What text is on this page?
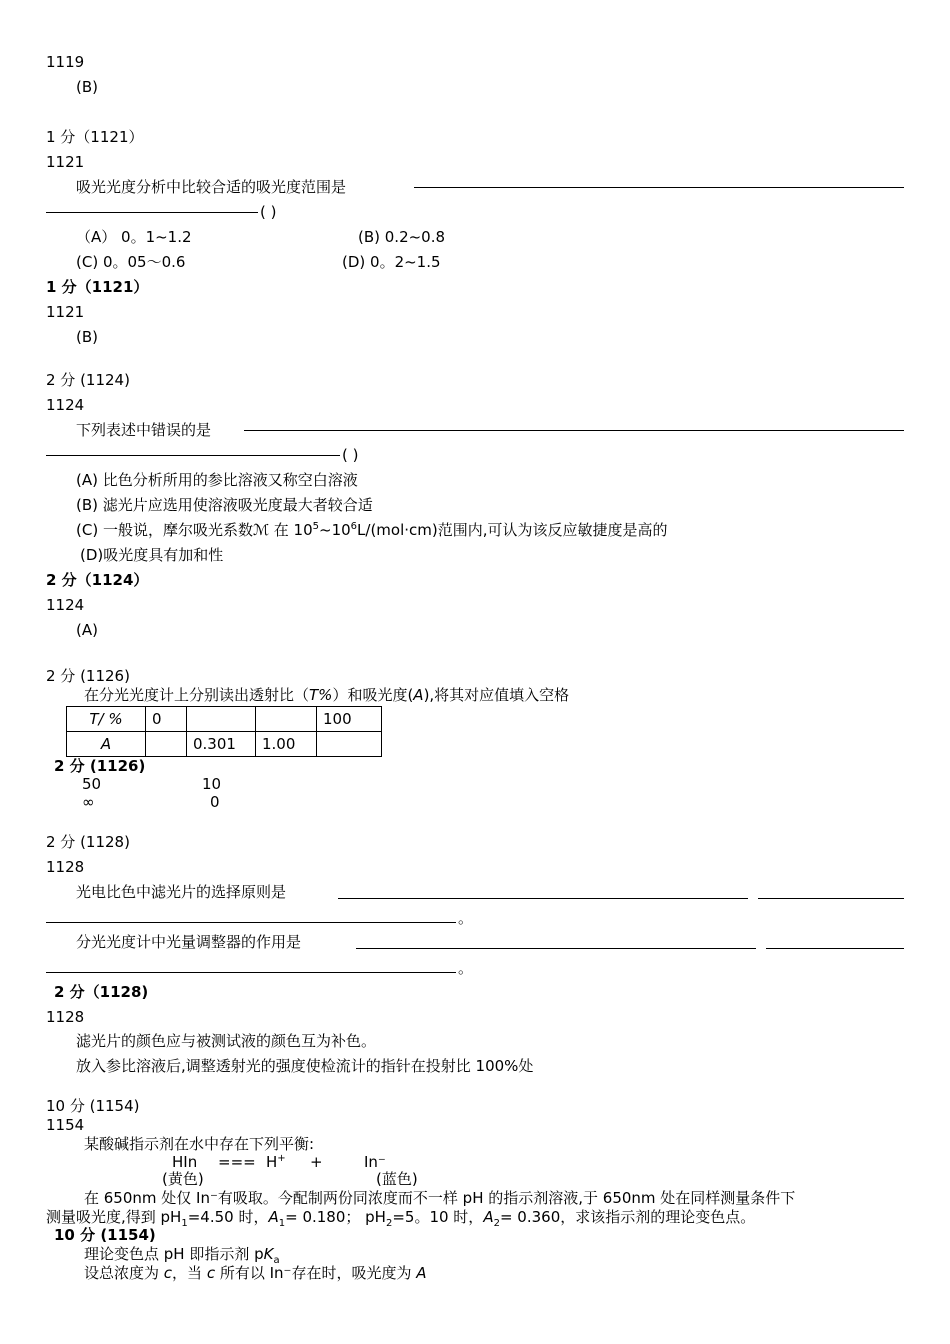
1119
(B)
1 分（1121）
1121
吸光光度分析中比较合适的吸光度范围是
( )
（A） 0。1~1.2	(B) 0.2~0.8
(C) 0。05～0.6	(D) 0。2~1.5
1 分（1121）
1121
(B)
2 分 (1124)
1124
下列表述中错误的是
( )
(A) 比色分析所用的参比溶液又称空白溶液
(B) 滤光片应选用使溶液吸光度最大者较合适
(C) 一般说，摩尔吸光系数ℳ 在 $10^5\sim 10^6L/(mol\cdot cm)$范围内,可认为该反应敏捷度是高的
(D)吸光度具有加和性
2 分（1124）
1124
(A)
2 分 (1126)
在分光光度计上分别读出透射比（T%）和吸光度(A),将其对应值填入空格
T/ %	0			100
A		0.301	1.00	
2 分 (1126)
50	10
∞	0
2 分 (1128)
1128
光电比色中滤光片的选择原则是
。
分光光度计中光量调整器的作用是
。
2 分（1128)
1128
滤光片的颜色应与被测试液的颜色互为补色。
放入参比溶液后,调整透射光的强度使检流计的指针在投射比 100%处
10 分 (1154)
1154
某酸碱指示剂在水中存在下列平衡:
HIn === H+ +	In⁻
(黄色)	(蓝色)
在 650nm 处仅 In⁻有吸取。今配制两份同浓度而不一样 pH 的指示剂溶液,于 650nm 处在同样测量条件下
测量吸光度,得到 $pH_1=4.50$ 时，$A_1= 0.180$； $pH_2=5$。10 时，$A_2= 0.360$，求该指示剂的理论变色点。
10 分 (1154)
理论变色点 pH 即指示剂 $pK_a$
设总浓度为 c，当 c 所有以 In⁻存在时，吸光度为 A
